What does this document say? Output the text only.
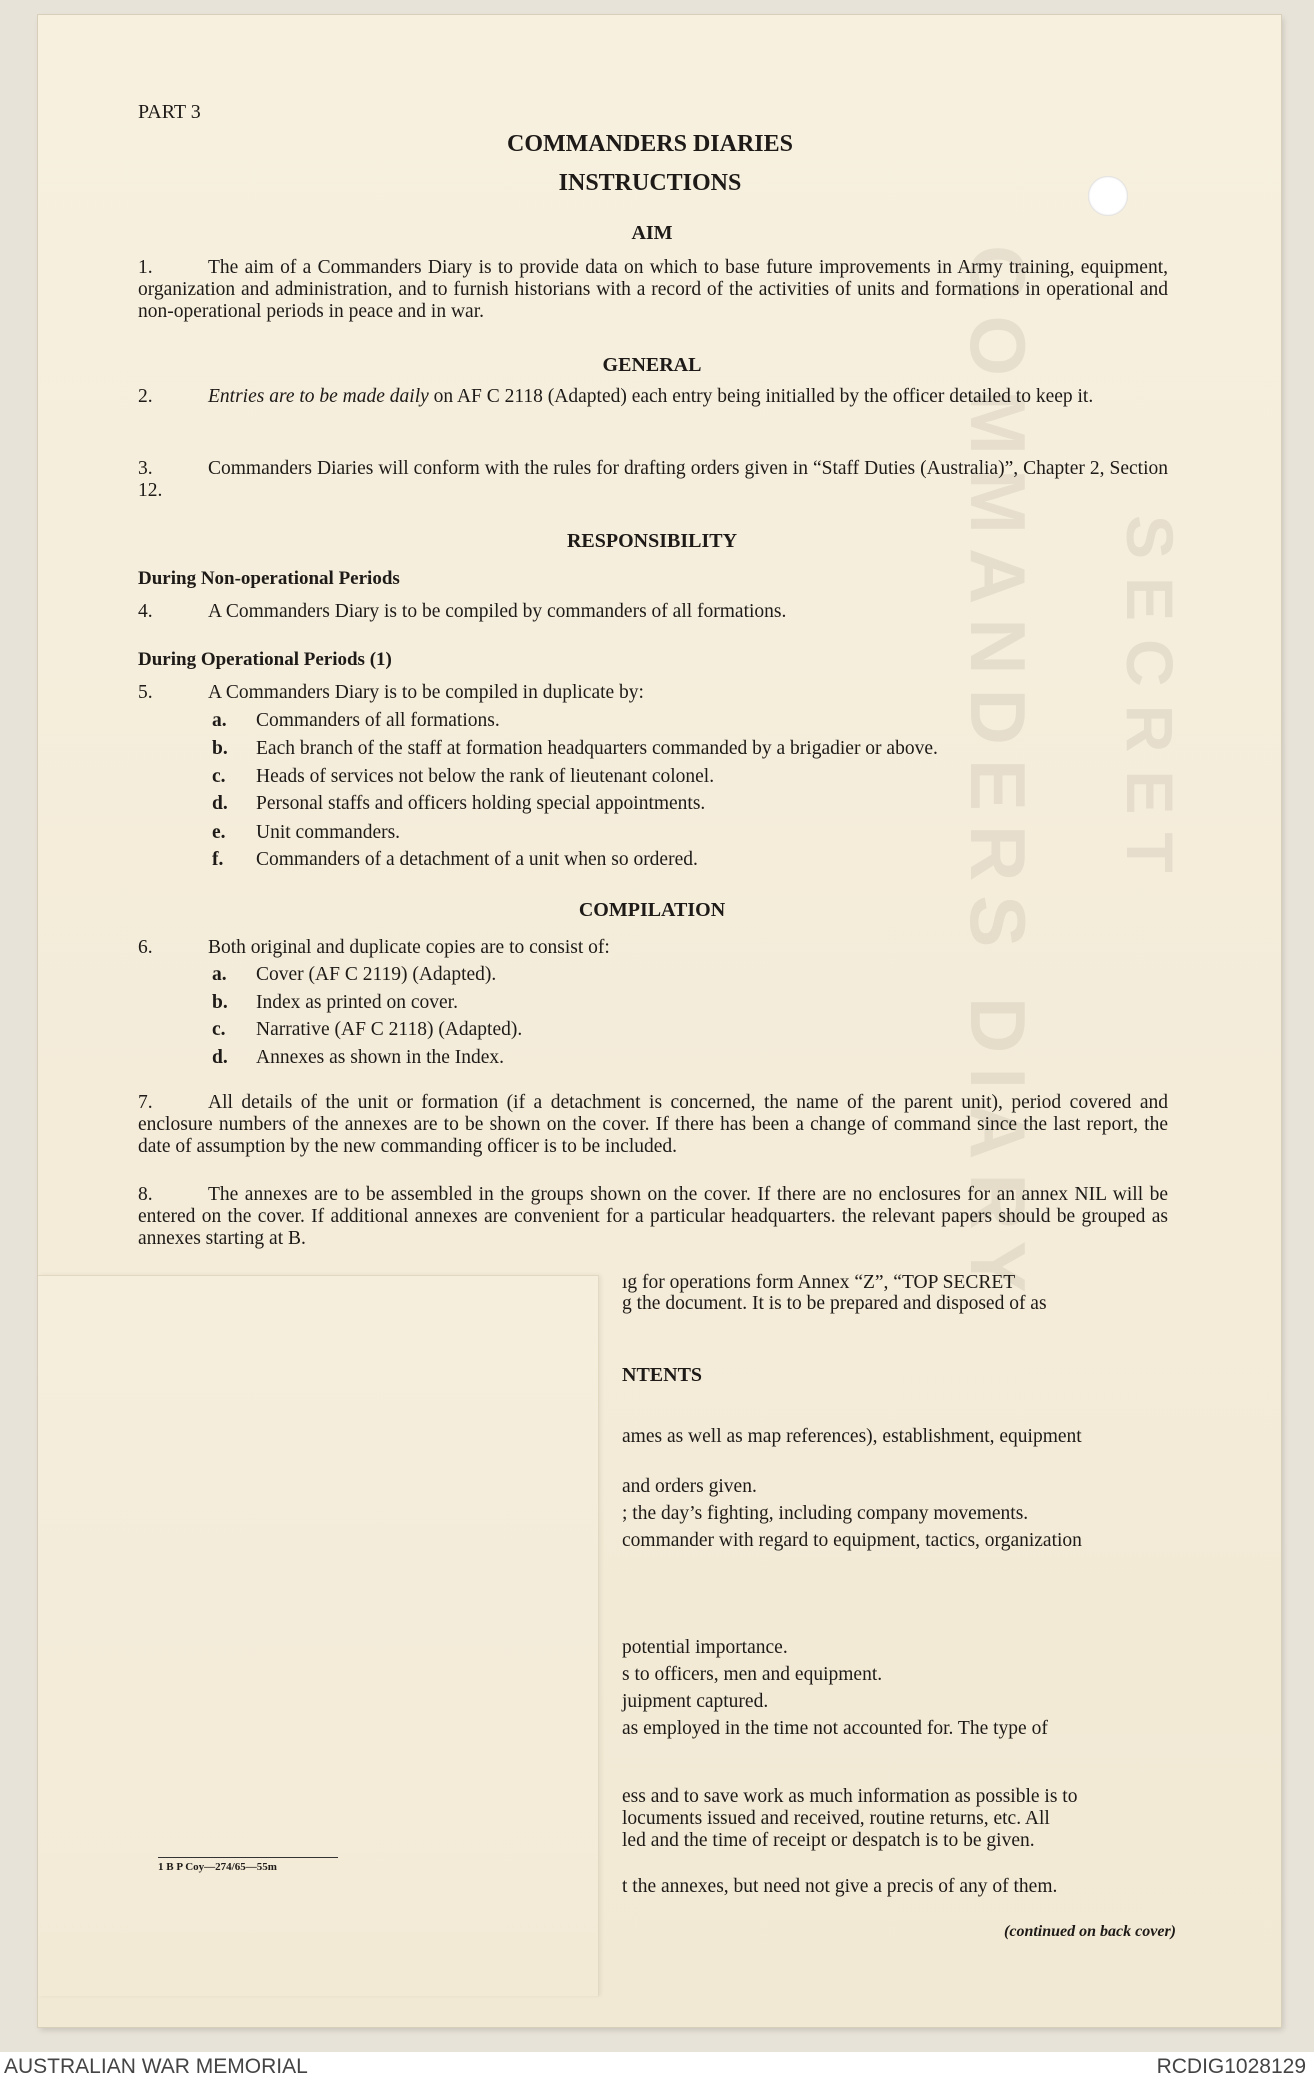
COMMANDERS DIARY SECRET
PART 3
COMMANDERS DIARIES
INSTRUCTIONS
AIM
1.	The aim of a Commanders Diary is to provide data on which to base future improvements in Army training, equipment, organization and administration, and to furnish historians with a record of the activities of units and formations in operational and non-operational periods in peace and in war.
GENERAL
2.	Entries are to be made daily on AF C 2118 (Adapted) each entry being initialled by the officer detailed to keep it.
3.	Commanders Diaries will conform with the rules for drafting orders given in “Staff Duties (Australia)”, Chapter 2, Section 12.
RESPONSIBILITY
During Non-operational Periods
4.	A Commanders Diary is to be compiled by commanders of all formations.
During Operational Periods (1)
5.	A Commanders Diary is to be compiled in duplicate by:
a. Commanders of all formations.
b. Each branch of the staff at formation headquarters commanded by a brigadier or above.
c. Heads of services not below the rank of lieutenant colonel.
d. Personal staffs and officers holding special appointments.
e. Unit commanders.
f. Commanders of a detachment of a unit when so ordered.
COMPILATION
6.	Both original and duplicate copies are to consist of:
a. Cover (AF C 2119) (Adapted).
b. Index as printed on cover.
c. Narrative (AF C 2118) (Adapted).
d. Annexes as shown in the Index.
7.	All details of the unit or formation (if a detachment is concerned, the name of the parent unit), period covered and enclosure numbers of the annexes are to be shown on the cover. If there has been a change of command since the last report, the date of assumption by the new commanding officer is to be included.
8.	The annexes are to be assembled in the groups shown on the cover. If there are no enclosures for an annex NIL will be entered on the cover. If additional annexes are convenient for a particular headquarters. the relevant papers should be grouped as annexes starting at B.
ıg for operations form Annex “Z”, “TOP SECRET
g the document. It is to be prepared and disposed of as
NTENTS
ames as well as map references), establishment, equipment
and orders given.
; the day’s fighting, including company movements.
commander with regard to equipment, tactics, organization
potential importance.
s to officers, men and equipment.
juipment captured.
as employed in the time not accounted for. The type of
ess and to save work as much information as possible is to
locuments issued and received, routine returns, etc. All
led and the time of receipt or despatch is to be given.
t the annexes, but need not give a precis of any of them.
1 B P Coy—274/65—55m
(continued on back cover)
AUSTRALIAN WAR MEMORIAL	RCDIG1028129
